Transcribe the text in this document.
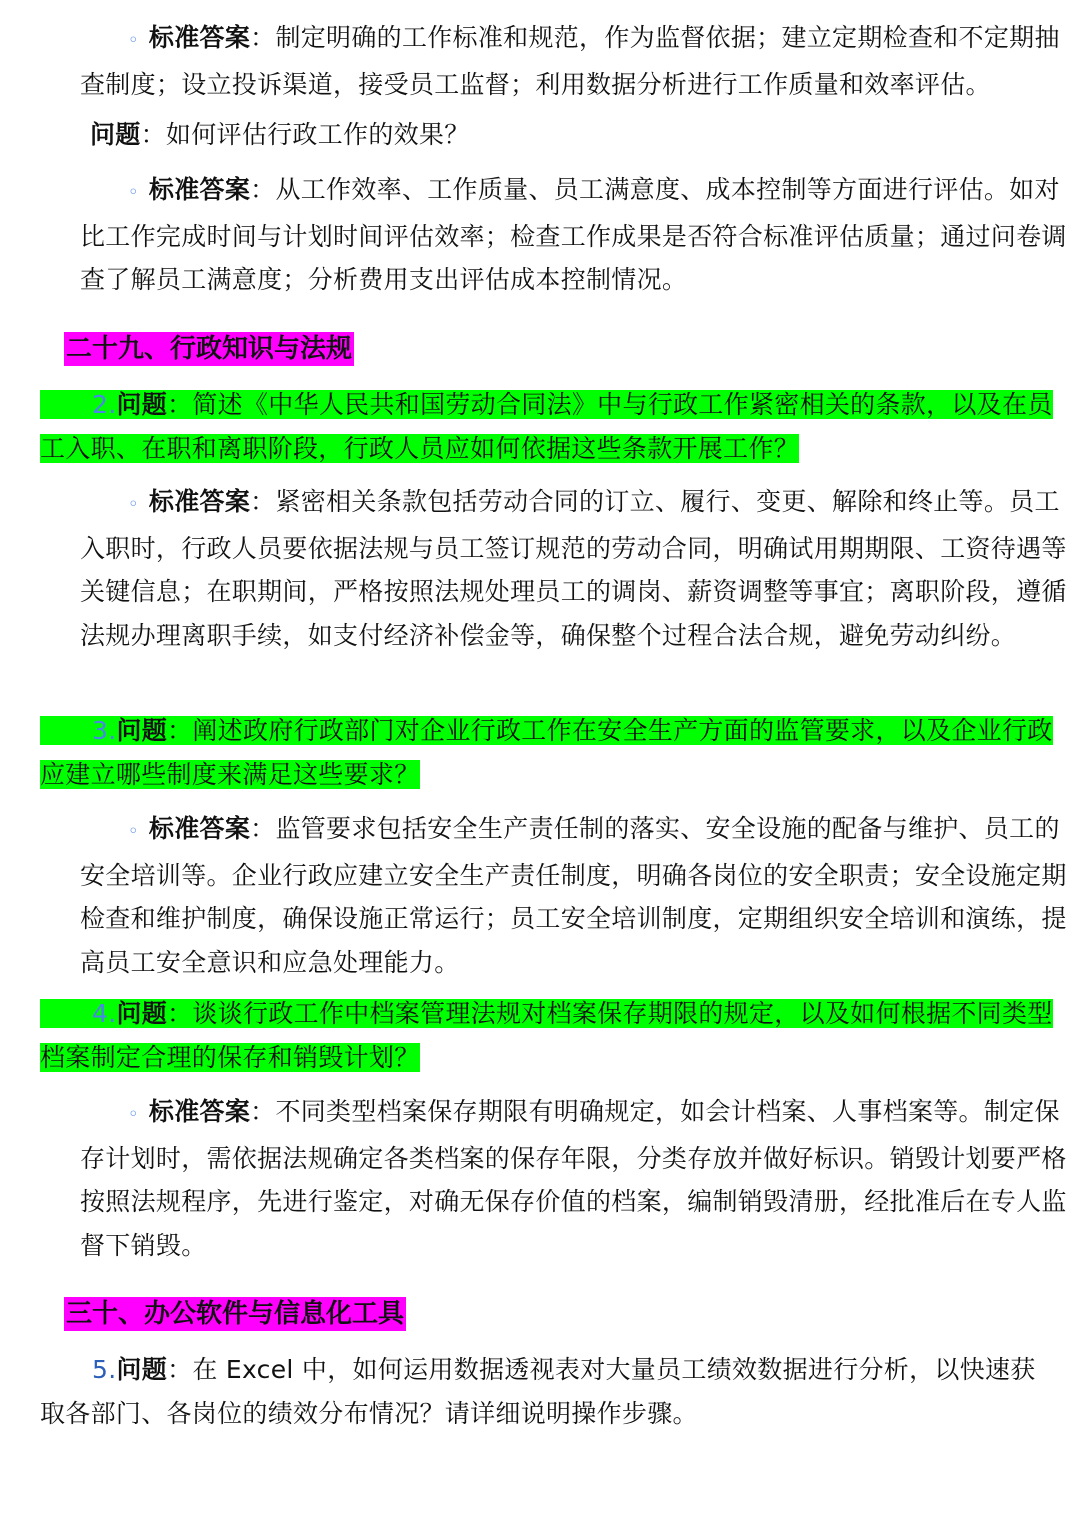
◦ 标准答案：制定明确的工作标准和规范，作为监督依据；建立定期检查和不定期抽查制度；设立投诉渠道，接受员工监督；利用数据分析进行工作质量和效率评估。

问题：如何评估行政工作的效果？

◦ 标准答案：从工作效率、工作质量、员工满意度、成本控制等方面进行评估。如对比工作完成时间与计划时间评估效率；检查工作成果是否符合标准评估质量；通过问卷调查了解员工满意度；分析费用支出评估成本控制情况。

二十九、行政知识与法规

2.问题：简述《中华人民共和国劳动合同法》中与行政工作紧密相关的条款，以及在员工入职、在职和离职阶段，行政人员应如何依据这些条款开展工作？

◦ 标准答案：紧密相关条款包括劳动合同的订立、履行、变更、解除和终止等。员工入职时，行政人员要依据法规与员工签订规范的劳动合同，明确试用期期限、工资待遇等关键信息；在职期间，严格按照法规处理员工的调岗、薪资调整等事宜；离职阶段，遵循法规办理离职手续，如支付经济补偿金等，确保整个过程合法合规，避免劳动纠纷。

3.问题：阐述政府行政部门对企业行政工作在安全生产方面的监管要求，以及企业行政应建立哪些制度来满足这些要求？

◦ 标准答案：监管要求包括安全生产责任制的落实、安全设施的配备与维护、员工的安全培训等。企业行政应建立安全生产责任制度，明确各岗位的安全职责；安全设施定期检查和维护制度，确保设施正常运行；员工安全培训制度，定期组织安全培训和演练，提高员工安全意识和应急处理能力。

4.问题：谈谈行政工作中档案管理法规对档案保存期限的规定，以及如何根据不同类型档案制定合理的保存和销毁计划？

◦ 标准答案：不同类型档案保存期限有明确规定，如会计档案、人事档案等。制定保存计划时，需依据法规确定各类档案的保存年限，分类存放并做好标识。销毁计划要严格按照法规程序，先进行鉴定，对确无保存价值的档案，编制销毁清册，经批准后在专人监督下销毁。

三十、办公软件与信息化工具

5.问题：在 Excel 中，如何运用数据透视表对大量员工绩效数据进行分析，以快速获取各部门、各岗位的绩效分布情况？请详细说明操作步骤。
